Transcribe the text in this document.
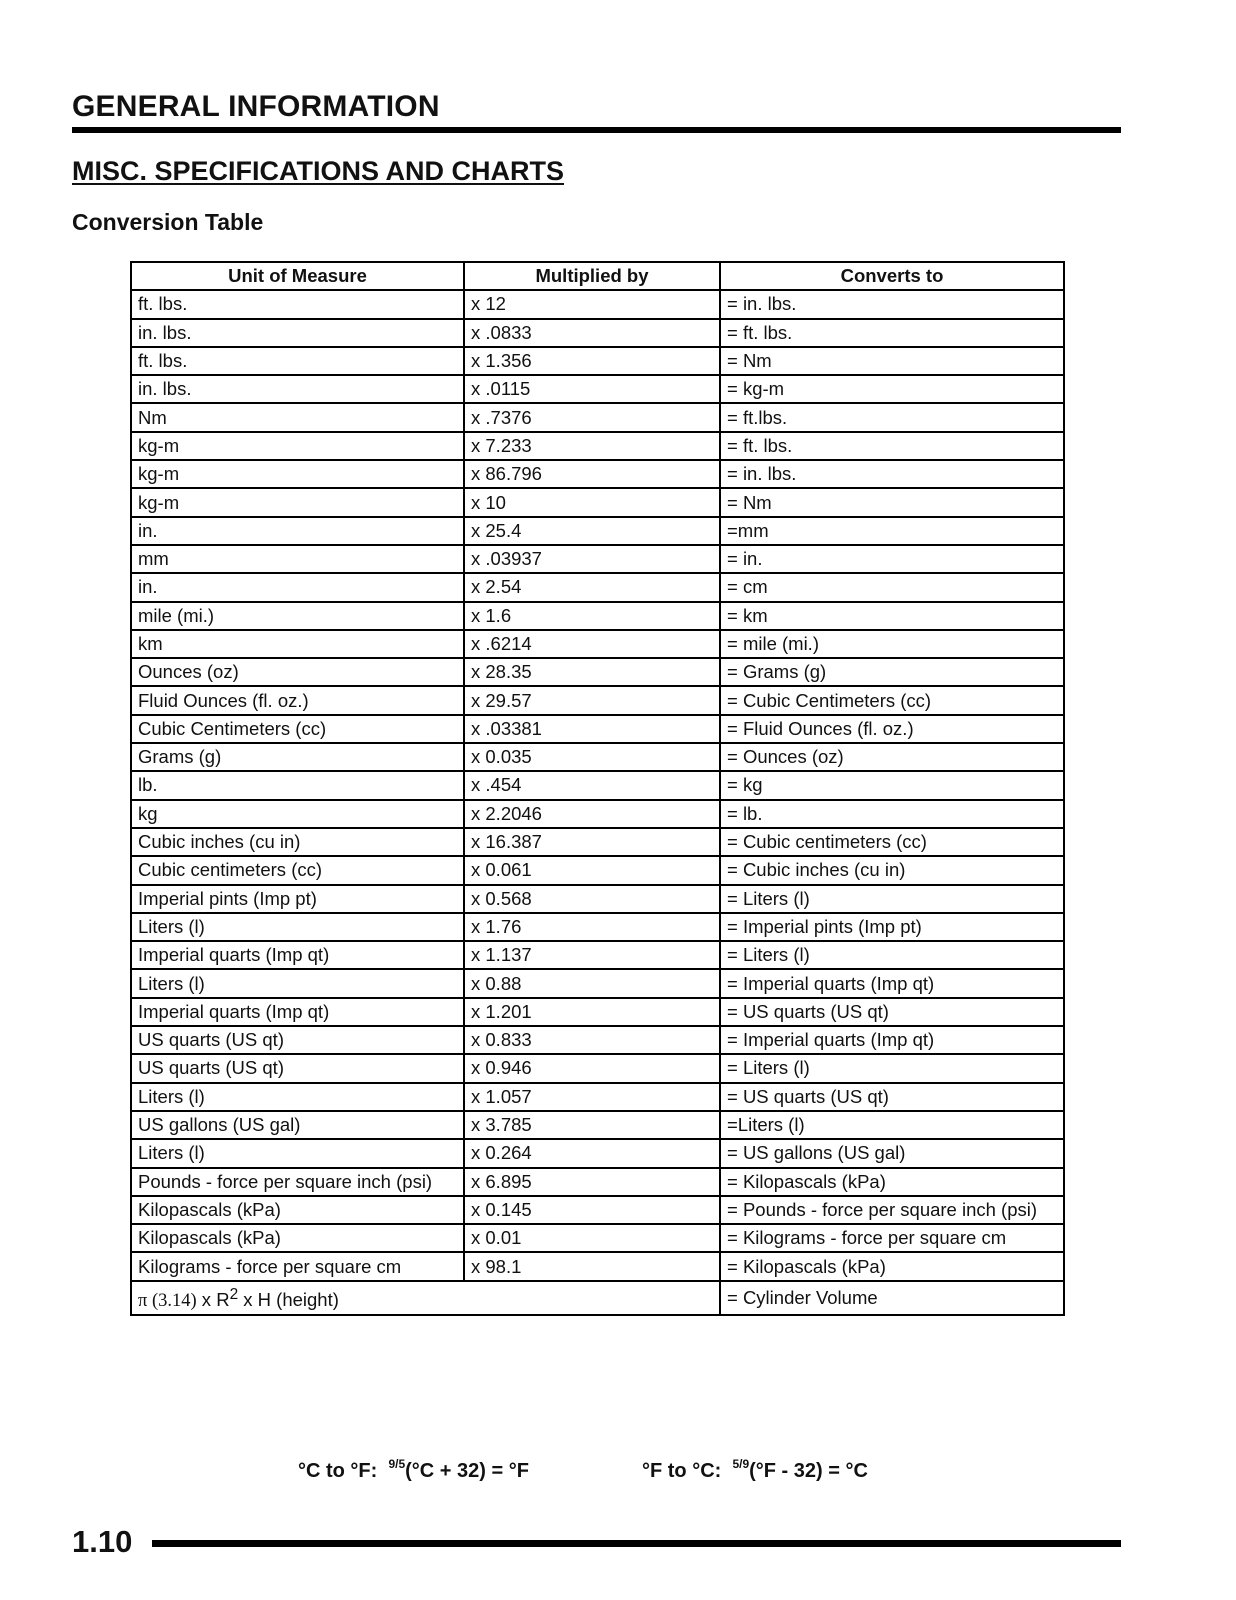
GENERAL INFORMATION
MISC. SPECIFICATIONS AND CHARTS
Conversion Table
Unit of Measure	Multiplied by	Converts to
ft. lbs.	x 12	= in. lbs.
in. lbs.	x .0833	= ft. lbs.
ft. lbs.	x 1.356	= Nm
in. lbs.	x .0115	= kg-m
Nm	x .7376	= ft.lbs.
kg-m	x 7.233	= ft. lbs.
kg-m	x 86.796	= in. lbs.
kg-m	x 10	= Nm
in.	x 25.4	=mm
mm	x .03937	= in.
in.	x 2.54	= cm
mile (mi.)	x 1.6	= km
km	x .6214	= mile (mi.)
Ounces (oz)	x 28.35	= Grams (g)
Fluid Ounces (fl. oz.)	x 29.57	= Cubic Centimeters (cc)
Cubic Centimeters (cc)	x .03381	= Fluid Ounces (fl. oz.)
Grams (g)	x 0.035	= Ounces (oz)
lb.	x .454	= kg
kg	x 2.2046	= lb.
Cubic inches (cu in)	x 16.387	= Cubic centimeters (cc)
Cubic centimeters (cc)	x 0.061	= Cubic inches (cu in)
Imperial pints (Imp pt)	x 0.568	= Liters (l)
Liters (l)	x 1.76	= Imperial pints (Imp pt)
Imperial quarts (Imp qt)	x 1.137	= Liters (l)
Liters (l)	x 0.88	= Imperial quarts (Imp qt)
Imperial quarts (Imp qt)	x 1.201	= US quarts (US qt)
US quarts (US qt)	x 0.833	= Imperial quarts (Imp qt)
US quarts (US qt)	x 0.946	= Liters (l)
Liters (l)	x 1.057	= US quarts (US qt)
US gallons (US gal)	x 3.785	=Liters (l)
Liters (l)	x 0.264	= US gallons (US gal)
Pounds - force per square inch (psi)	x 6.895	= Kilopascals (kPa)
Kilopascals (kPa)	x 0.145	= Pounds - force per square inch (psi)
Kilopascals (kPa)	x 0.01	= Kilograms - force per square cm
Kilograms - force per square cm	x 98.1	= Kilopascals (kPa)
π (3.14) x $R^2$ x H (height)		= Cylinder Volume
°C to °F: $^{9/5}$(°C + 32) = °F	°F to °C: $^{5/9}$(°F - 32) = °C
1.10
